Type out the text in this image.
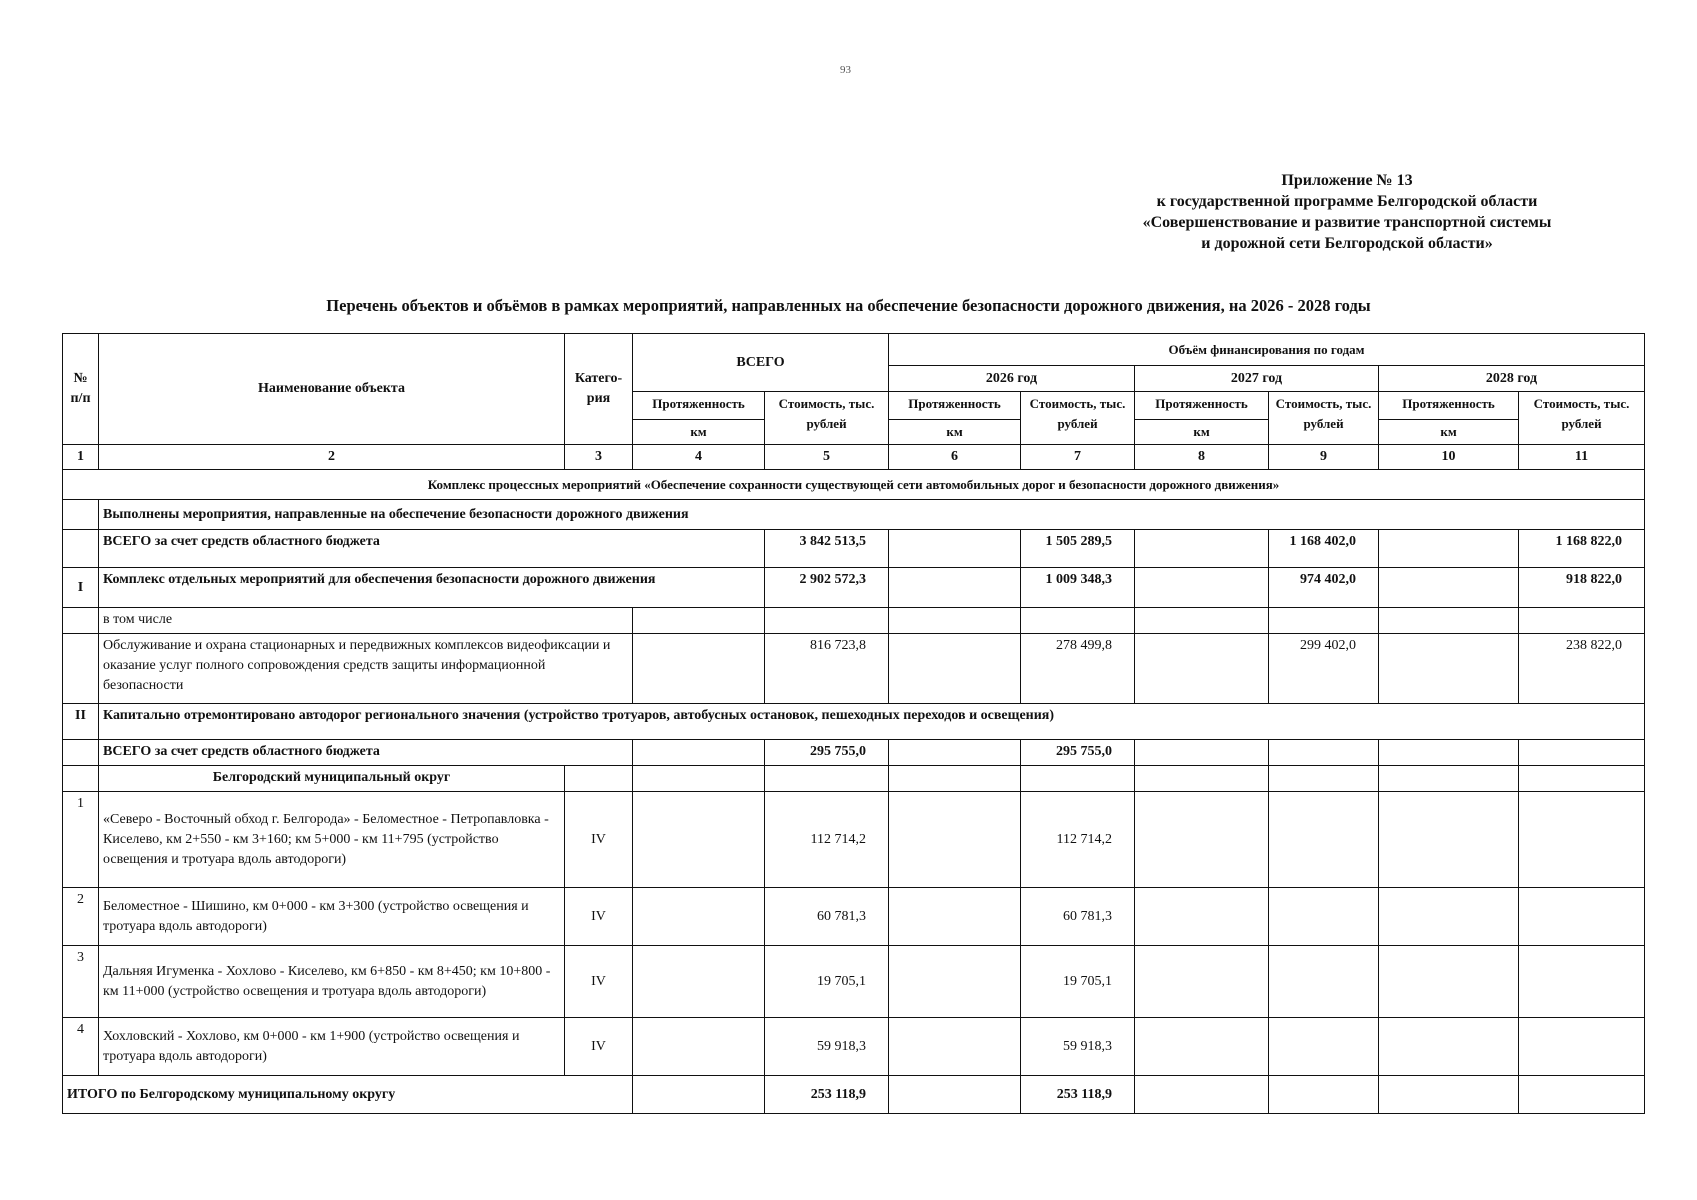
93
Приложение № 13
к государственной программе Белгородской области
«Совершенствование и развитие транспортной системы
и дорожной сети Белгородской области»
Перечень объектов и объёмов в рамках мероприятий, направленных на обеспечение безопасности дорожного движения, на 2026 - 2028 годы
№ п/п	Наименование объекта	Катего-рия	ВСЕГО		Объём финансирования по годам					
					2026 год		2027 год		2028 год	
			Протяженность	Стоимость, тыс. рублей	Протяженность	Стоимость, тыс. рублей	Протяженность	Стоимость, тыс. рублей	Протяженность	Стоимость, тыс. рублей
			км		км		км		км	
1	2	3	4	5	6	7	8	9	10	11
Комплекс процессных мероприятий «Обеспечение сохранности существующей сети автомобильных дорог и безопасности дорожного движения»										
	Выполнены мероприятия, направленные на обеспечение безопасности дорожного движения									
	ВСЕГО за счет средств областного бюджета			3 842 513,5		1 505 289,5		1 168 402,0		1 168 822,0
I	Комплекс отдельных мероприятий для обеспечения безопасности дорожного движения			2 902 572,3		1 009 348,3		974 402,0		918 822,0
	в том числе									
	Обслуживание и охрана стационарных и передвижных комплексов видеофиксации и оказание услуг полного сопровождения средств защиты информационной безопасности			816 723,8		278 499,8		299 402,0		238 822,0
II	Капитально отремонтировано автодорог регионального значения (устройство тротуаров, автобусных остановок, пешеходных переходов и освещения)									
	ВСЕГО за счет средств областного бюджета			295 755,0		295 755,0				
	Белгородский муниципальный округ									
1	«Северо - Восточный обход г. Белгорода» - Беломестное - Петропавловка - Киселево, км 2+550 - км 3+160; км 5+000 - км 11+795 (устройство освещения и тротуара вдоль автодороги)	IV		112 714,2		112 714,2				
2	Беломестное - Шишино, км 0+000 - км 3+300 (устройство освещения и тротуара вдоль автодороги)	IV		60 781,3		60 781,3				
3	Дальняя Игуменка - Хохлово - Киселево, км 6+850 - км 8+450; км 10+800 - км 11+000 (устройство освещения и тротуара вдоль автодороги)	IV		19 705,1		19 705,1				
4	Хохловский - Хохлово, км 0+000 - км 1+900 (устройство освещения и тротуара вдоль автодороги)	IV		59 918,3		59 918,3				
ИТОГО по Белгородскому муниципальному округу				253 118,9		253 118,9				
